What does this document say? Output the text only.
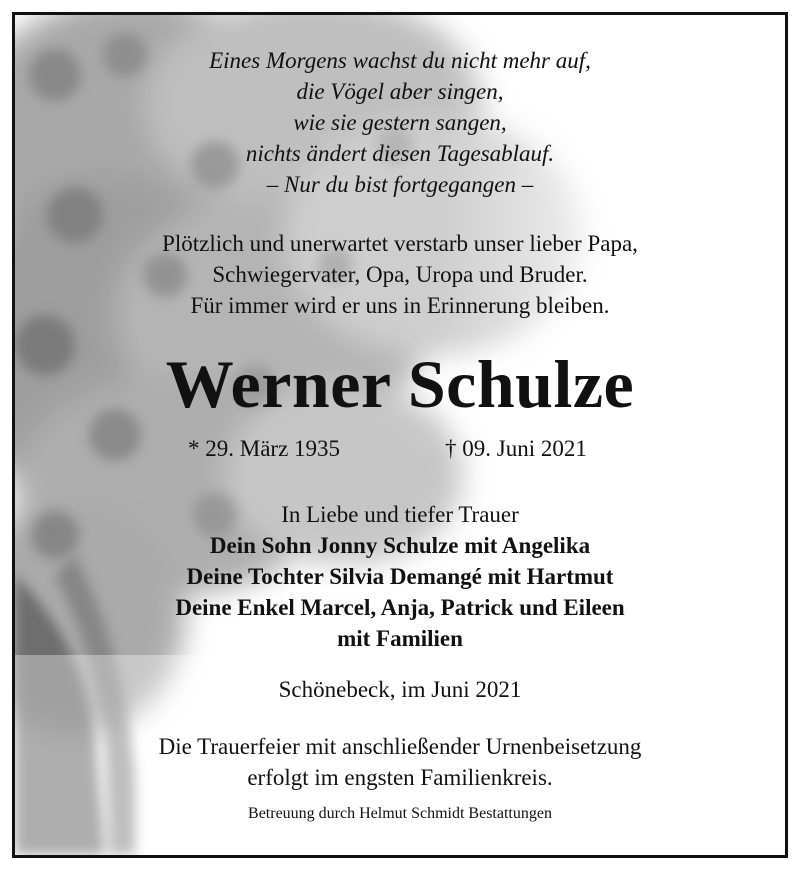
Eines Morgens wachst du nicht mehr auf,
die Vögel aber singen,
wie sie gestern sangen,
nichts ändert diesen Tagesablauf.
– Nur du bist fortgegangen –
Plötzlich und unerwartet verstarb unser lieber Papa,
Schwiegervater, Opa, Uropa und Bruder.
Für immer wird er uns in Erinnerung bleiben.
Werner Schulze
* 29. März 1935	† 09. Juni 2021
In Liebe und tiefer Trauer
Dein Sohn Jonny Schulze mit Angelika
Deine Tochter Silvia Demangé mit Hartmut
Deine Enkel Marcel, Anja, Patrick und Eileen
mit Familien
Schönebeck, im Juni 2021
Die Trauerfeier mit anschließender Urnenbeisetzung
erfolgt im engsten Familienkreis.
Betreuung durch Helmut Schmidt Bestattungen
